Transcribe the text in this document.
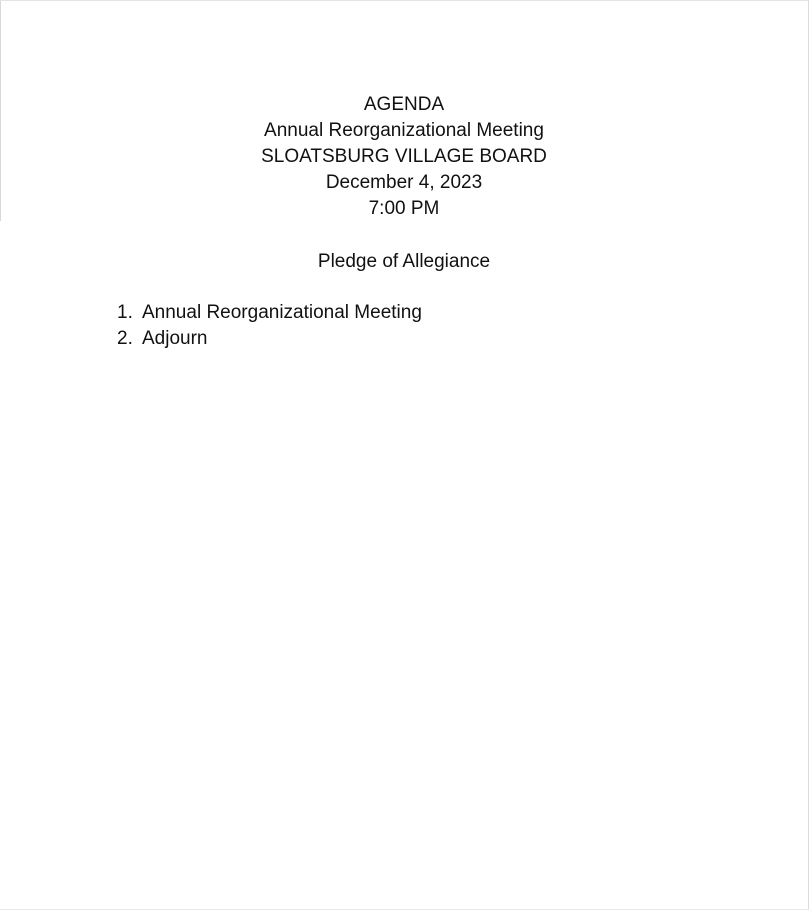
AGENDA
Annual Reorganizational Meeting
SLOATSBURG VILLAGE BOARD
December 4, 2023
7:00 PM
Pledge of Allegiance
1. Annual Reorganizational Meeting
2. Adjourn
